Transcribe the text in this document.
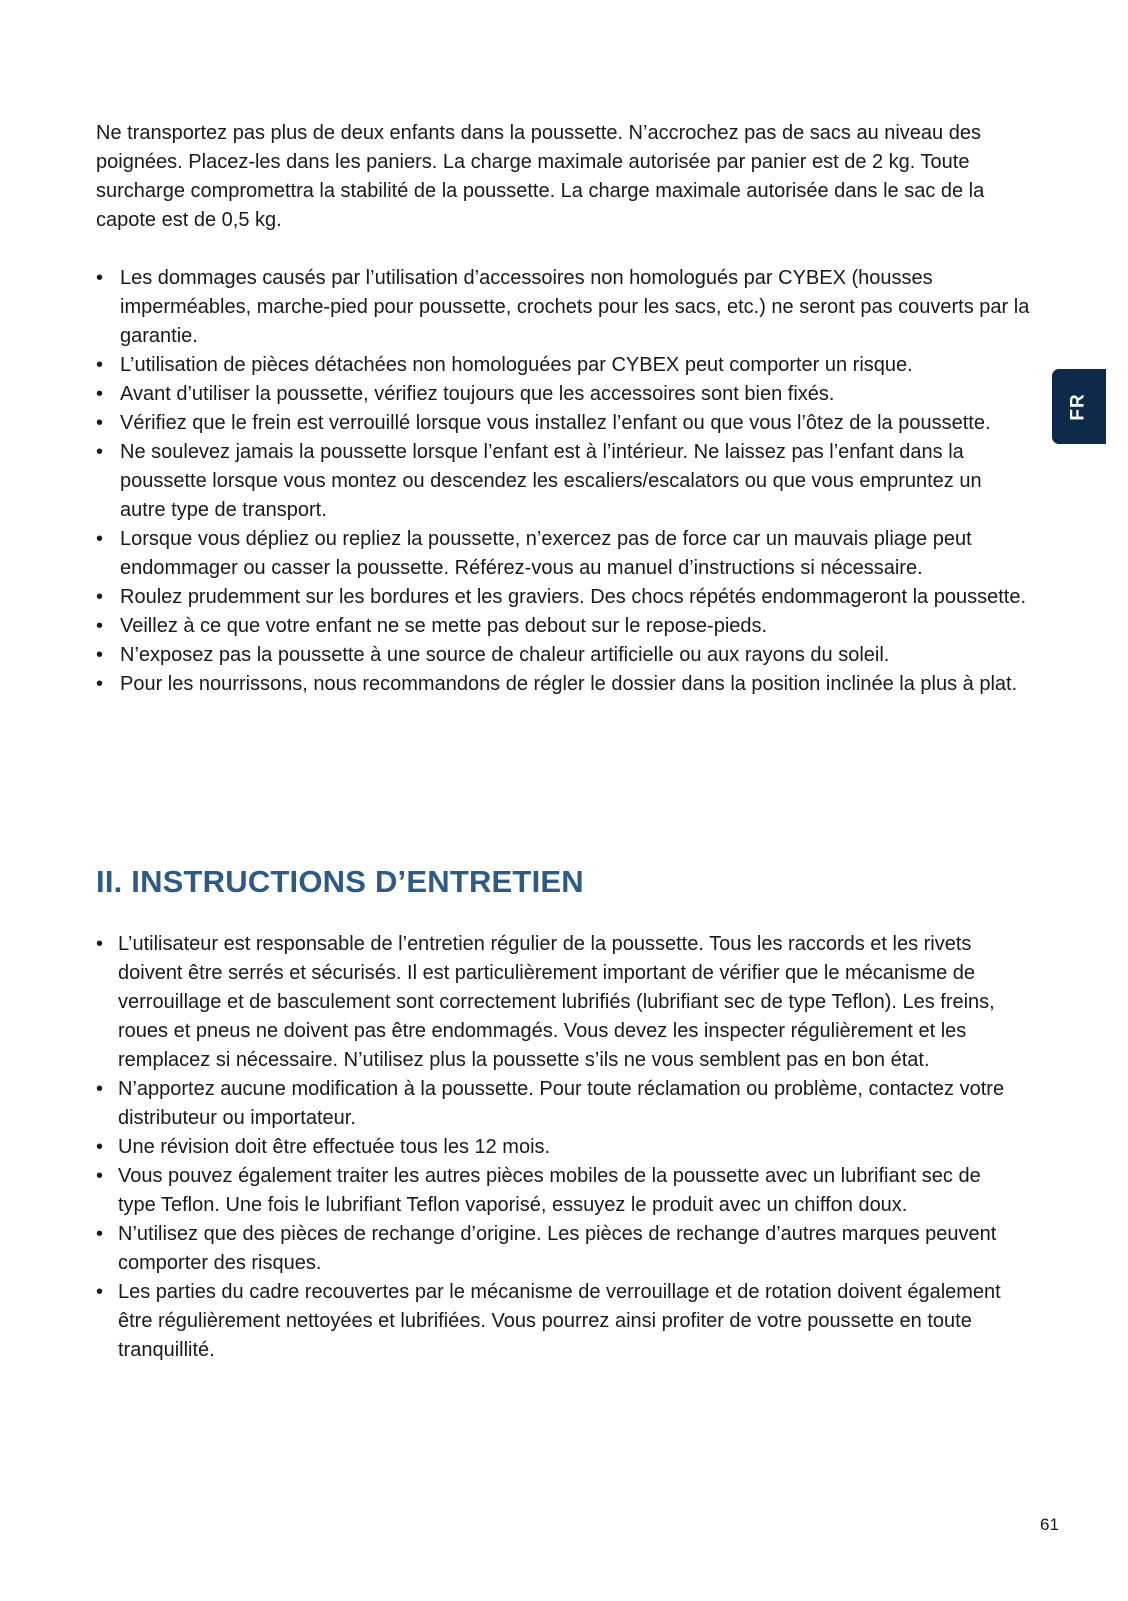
Ne transportez pas plus de deux enfants dans la poussette. N’accrochez pas de sacs au niveau des poignées. Placez-les dans les paniers. La charge maximale autorisée par panier est de 2 kg. Toute surcharge compromettra la stabilité de la poussette. La charge maximale autorisée dans le sac de la capote est de 0,5 kg.

• Les dommages causés par l’utilisation d’accessoires non homologués par CYBEX (housses imperméables, marche-pied pour poussette, crochets pour les sacs, etc.) ne seront pas couverts par la garantie.
• L’utilisation de pièces détachées non homologuées par CYBEX peut comporter un risque.
• Avant d’utiliser la poussette, vérifiez toujours que les accessoires sont bien fixés.
• Vérifiez que le frein est verrouillé lorsque vous installez l’enfant ou que vous l’ôtez de la poussette.
• Ne soulevez jamais la poussette lorsque l’enfant est à l’intérieur. Ne laissez pas l’enfant dans la poussette lorsque vous montez ou descendez les escaliers/escalators ou que vous empruntez un autre type de transport.
• Lorsque vous dépliez ou repliez la poussette, n’exercez pas de force car un mauvais pliage peut endommager ou casser la poussette. Référez-vous au manuel d’instructions si nécessaire.
• Roulez prudemment sur les bordures et les graviers. Des chocs répétés endommageront la poussette.
• Veillez à ce que votre enfant ne se mette pas debout sur le repose-pieds.
• N’exposez pas la poussette à une source de chaleur artificielle ou aux rayons du soleil.
• Pour les nourrissons, nous recommandons de régler le dossier dans la position inclinée la plus à plat.
II. INSTRUCTIONS D’ENTRETIEN
• L’utilisateur est responsable de l’entretien régulier de la poussette. Tous les raccords et les rivets doivent être serrés et sécurisés. Il est particulièrement important de vérifier que le mécanisme de verrouillage et de basculement sont correctement lubrifiés (lubrifiant sec de type Teflon). Les freins, roues et pneus ne doivent pas être endommagés. Vous devez les inspecter régulièrement et les remplacez si nécessaire. N’utilisez plus la poussette s’ils ne vous semblent pas en bon état.
• N’apportez aucune modification à la poussette. Pour toute réclamation ou problème, contactez votre distributeur ou importateur.
• Une révision doit être effectuée tous les 12 mois.
• Vous pouvez également traiter les autres pièces mobiles de la poussette avec un lubrifiant sec de type Teflon. Une fois le lubrifiant Teflon vaporisé, essuyez le produit avec un chiffon doux.
• N’utilisez que des pièces de rechange d’origine. Les pièces de rechange d’autres marques peuvent comporter des risques.
• Les parties du cadre recouvertes par le mécanisme de verrouillage et de rotation doivent également être régulièrement nettoyées et lubrifiées. Vous pourrez ainsi profiter de votre poussette en toute tranquillité.
FR
61
